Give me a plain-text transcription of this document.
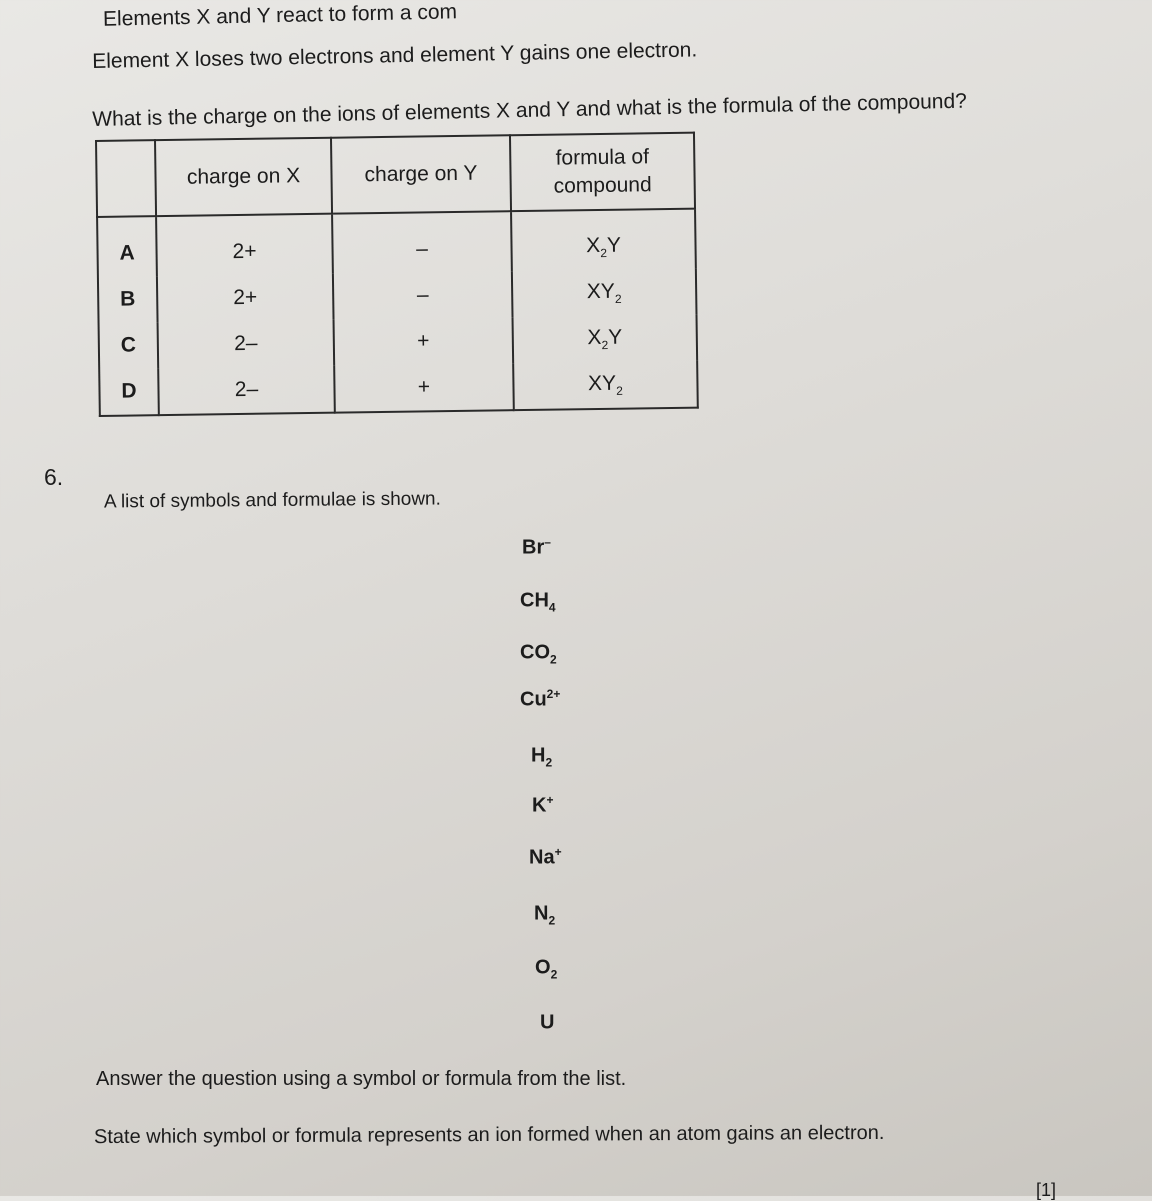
Elements X and Y react to form a com
Element X loses two electrons and element Y gains one electron.
What is the charge on the ions of elements X and Y and what is the formula of the compound?
	charge on X	charge on Y	formula of compound
A	2+	–	$X_2Y$
B	2+	–	$XY_2$
C	2–	+	$X_2Y$
D	2–	+	$XY_2$
6.
A list of symbols and formulae is shown.
Br–
$CH_4$
$CO_2$
$Cu^{2+}$
$H_2$
K+
Na+
$N_2$
$O_2$
U
Answer the question using a symbol or formula from the list.
State which symbol or formula represents an ion formed when an atom gains an electron.
[1]
